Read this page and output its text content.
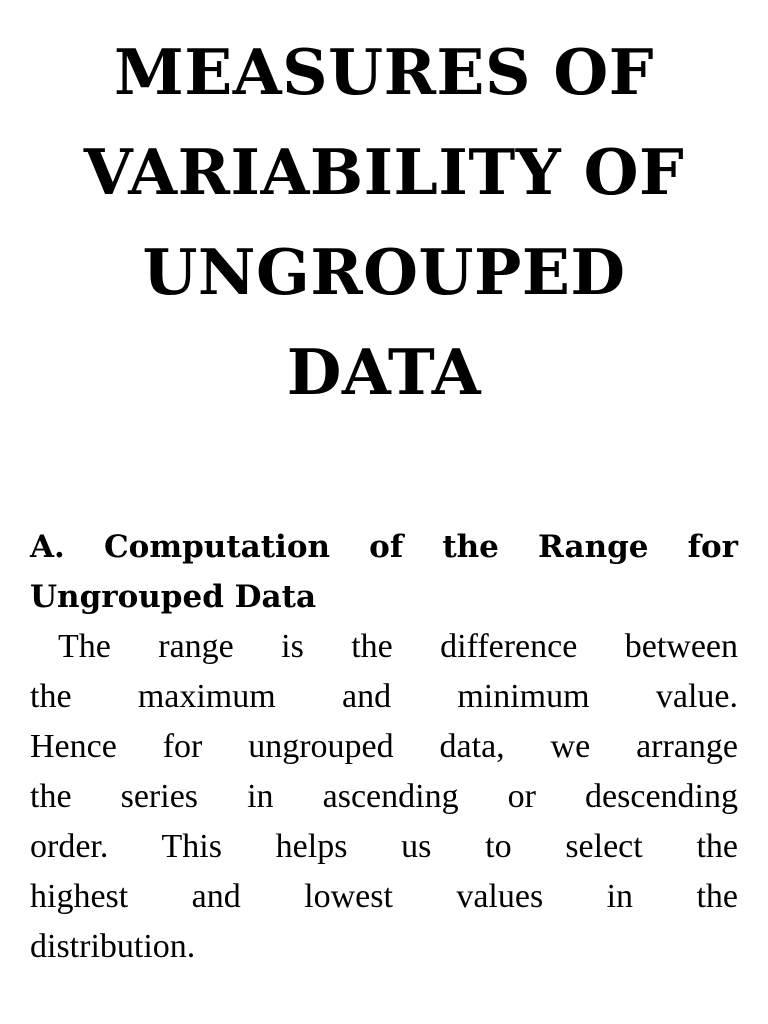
MEASURES OF
VARIABILITY OF
UNGROUPED
DATA
A. Computation of the Range for
Ungrouped Data

The range is the difference between
the maximum and minimum value.
Hence for ungrouped data, we arrange
the series in ascending or descending
order. This helps us to select the
highest and lowest values in the
distribution.
